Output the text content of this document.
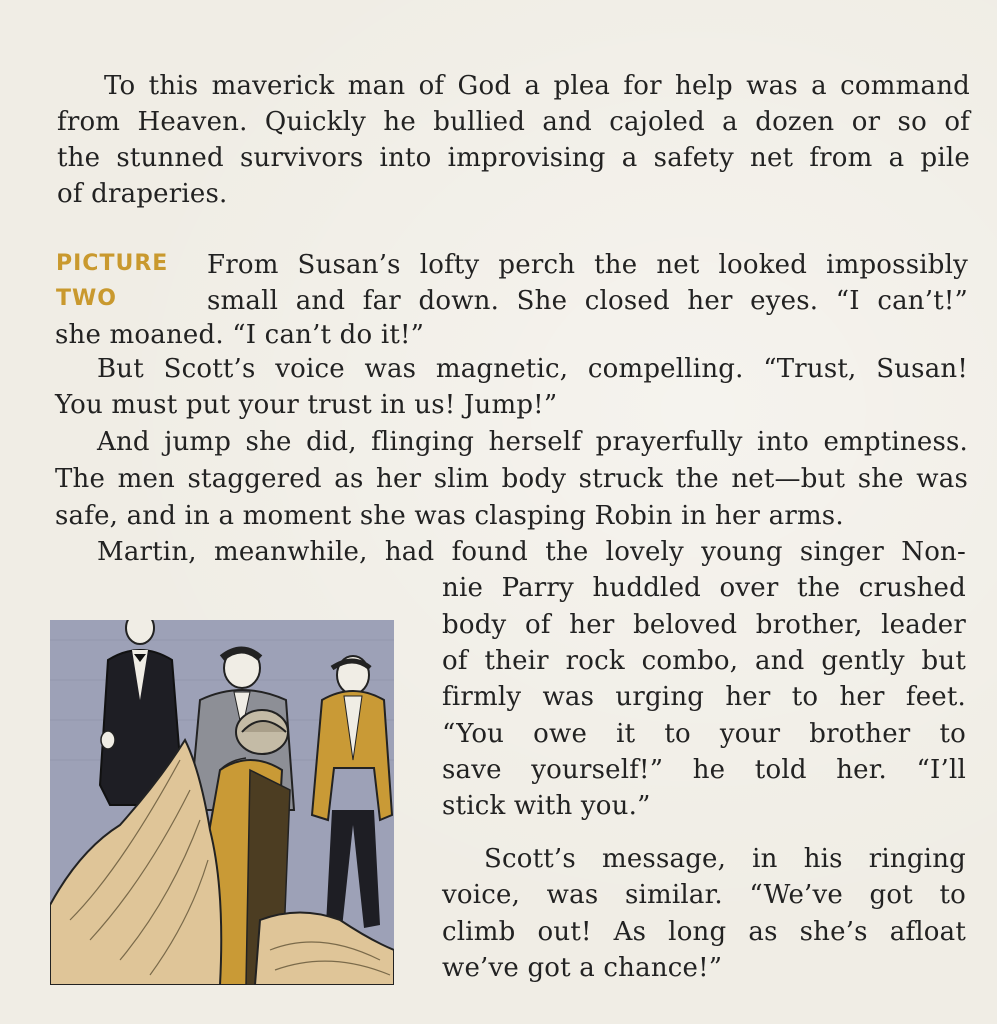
To this maverick man of God a plea for help was a command
from Heaven. Quickly he bullied and cajoled a dozen or so of
the stunned survivors into improvising a safety net from a pile
of draperies.
PICTURE
TWO
From Susan’s lofty perch the net looked impossibly
small and far down. She closed her eyes. “I can’t!”
she moaned. “I can’t do it!”
But Scott’s voice was magnetic, compelling. “Trust, Susan!
You must put your trust in us! Jump!”
And jump she did, flinging herself prayerfully into emptiness.
The men staggered as her slim body struck the net—but she was
safe, and in a moment she was clasping Robin in her arms.
Martin, meanwhile, had found the lovely young singer Non-
nie Parry huddled over the crushed
body of her beloved brother, leader
of their rock combo, and gently but
firmly was urging her to her feet.
“You owe it to your brother to
save yourself!” he told her. “I’ll
stick with you.”
Scott’s message, in his ringing
voice, was similar. “We’ve got to
climb out! As long as she’s afloat
we’ve got a chance!”
